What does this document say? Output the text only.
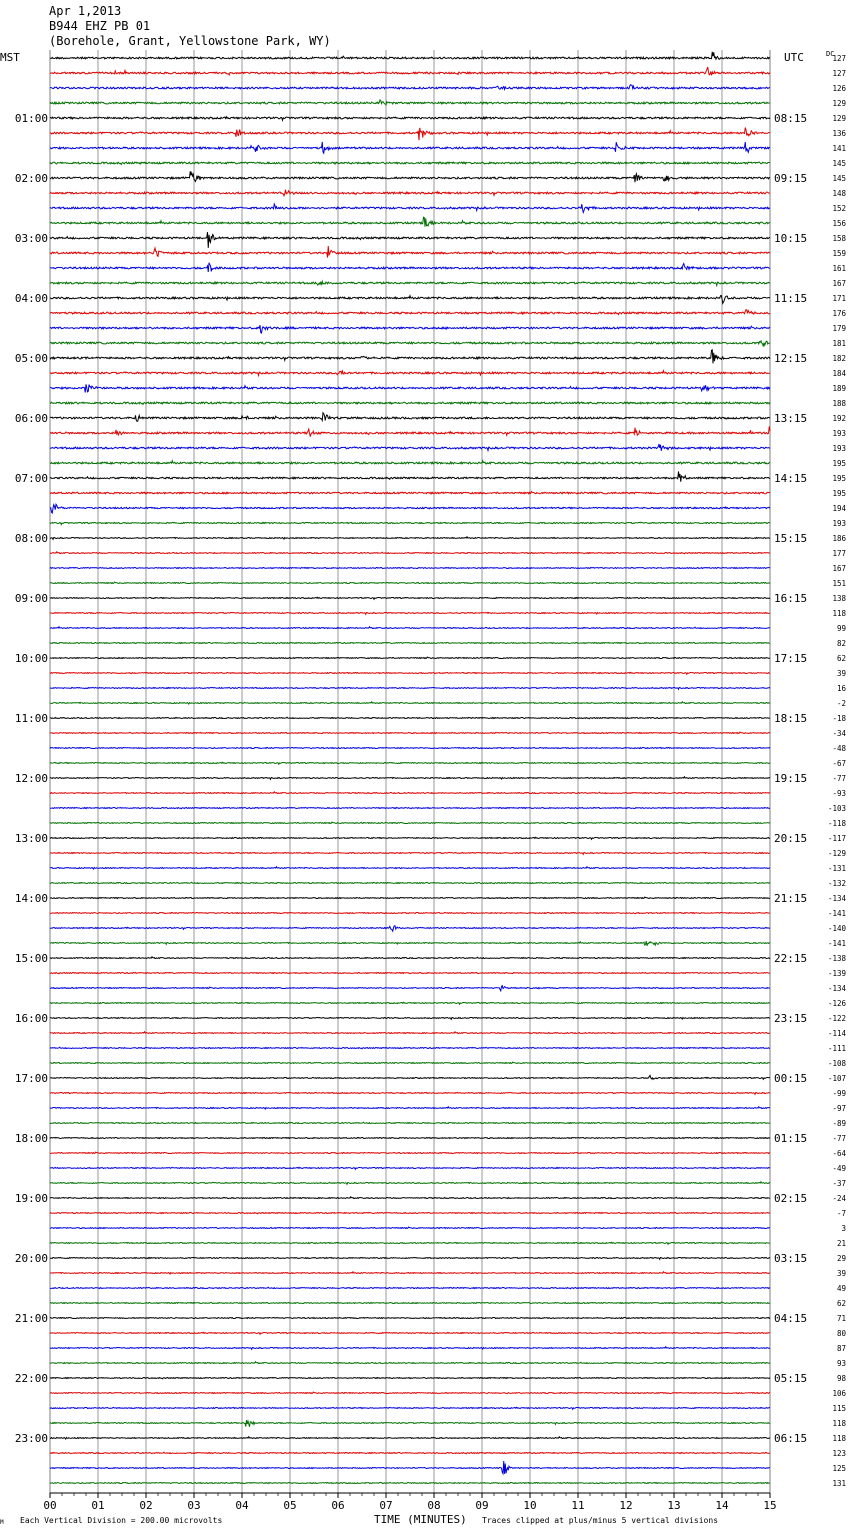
Apr 1,2013
B944 EHZ PB 01
(Borehole, Grant, Yellowstone Park, WY)
MST	UTC	DC
M Each Vertical Division = 200.00 microvolts	TIME (MINUTES) Traces clipped at plus/minus 5 vertical divisions
00	01	02	03	04	05	06	07	08	09	10	11	12	13	14	15
127
127
126
129
129
01:00	08:15
136
141
145
145
02:00	09:15
148
152
156
158
03:00	10:15
159
161
167
171
04:00	11:15
176
179
181
182
05:00	12:15
184
189
188
192
06:00	13:15
193
193
195
195
07:00	14:15
195
194
193
186
08:00	15:15
177
167
151
138
09:00	16:15
118
99
82
62
10:00	17:15
39
16
-2
-18
11:00	18:15
-34
-48
-67
-77
12:00	19:15
-93
-103
-118
-117
13:00	20:15
-129
-131
-132
-134
14:00	21:15
-141
-140
-141
-138
15:00	22:15
-139
-134
-126
-122
16:00	23:15
-114
-111
-108
-107
17:00	00:15
-99
-97
-89
-77
18:00	01:15
-64
-49
-37
-24
19:00	02:15
-7
3
21
29
20:00	03:15
39
49
62
71
21:00	04:15
80
87
93
98
22:00	05:15
106
115
118
118
23:00	06:15
123
125
131
